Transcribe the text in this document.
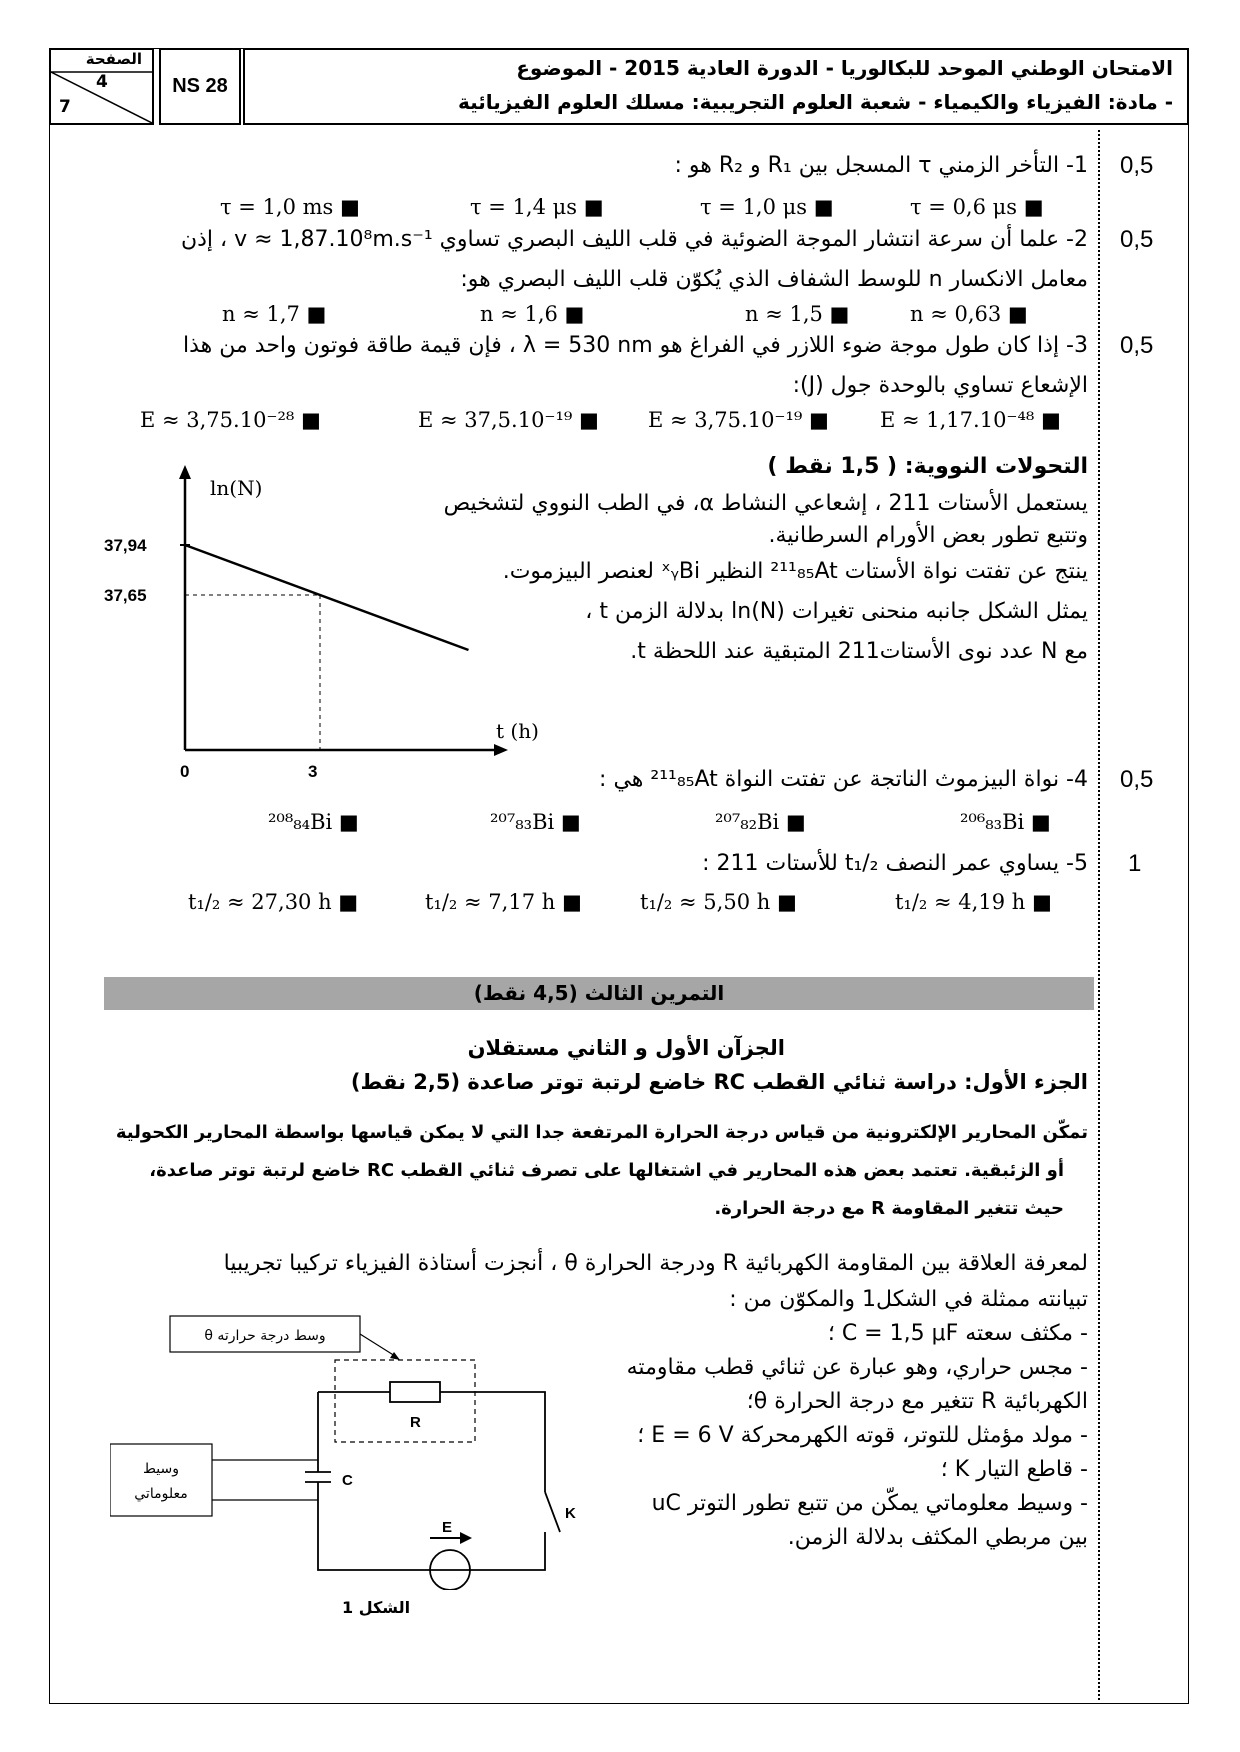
الصفحة
4
7
NS 28
الامتحان الوطني الموحد للبكالوريا - الدورة العادية 2015 - الموضوع
- مادة: الفيزياء والكيمياء - شعبة العلوم التجريبية: مسلك العلوم الفيزيائية
0,5
1- التأخر الزمني τ المسجل بين R₁ و R₂ هو :
τ = 1,0 ms ■	τ = 1,4 μs ■	τ = 1,0 μs ■	τ = 0,6 μs ■
0,5
2- علما أن سرعة انتشار الموجة الضوئية في قلب الليف البصري تساوي v ≈ 1,87.10⁸m.s⁻¹ ، إذن
معامل الانكسار n للوسط الشفاف الذي يُكوّن قلب الليف البصري هو:
n ≈ 1,7 ■	n ≈ 1,6 ■	n ≈ 1,5 ■	n ≈ 0,63 ■
0,5
3- إذا كان طول موجة ضوء اللازر في الفراغ هو λ = 530 nm ، فإن قيمة طاقة فوتون واحد من هذا
الإشعاع تساوي بالوحدة جول (J):
E ≈ 3,75.10⁻²⁸ ■	E ≈ 37,5.10⁻¹⁹ ■ E ≈ 3,75.10⁻¹⁹ ■ E ≈ 1,17.10⁻⁴⁸ ■
التحولات النووية: ( 1,5 نقط )
يستعمل الأستات 211 ، إشعاعي النشاط α، في الطب النووي لتشخيص
وتتبع تطور بعض الأورام السرطانية.
ينتج عن تفتت نواة الأستات ²¹¹₈₅At النظير ˣᵧBi لعنصر البيزموت.
يمثل الشكل جانبه منحنى تغيرات ln(N) بدلالة الزمن t ،
مع N عدد نوى الأستات211 المتبقية عند اللحظة t.
ln(N)
t (h)
37,94
37,65
0	3	0,5
4- نواة البيزموث الناتجة عن تفتت النواة ²¹¹₈₅At هي :
²⁰⁸₈₄Bi ■	²⁰⁷₈₃Bi ■	²⁰⁷₈₂Bi ■	²⁰⁶₈₃Bi ■
1
5- يساوي عمر النصف t₁/₂ للأستات 211 :
t₁/₂ ≈ 27,30 h ■	t₁/₂ ≈ 7,17 h ■	t₁/₂ ≈ 5,50 h ■	t₁/₂ ≈ 4,19 h ■
التمرين الثالث (4,5 نقط)
الجزآن الأول و الثاني مستقلان
الجزء الأول: دراسة ثنائي القطب RC خاضع لرتبة توتر صاعدة (2,5 نقط)
تمكّن المحارير الإلكترونية من قياس درجة الحرارة المرتفعة جدا التي لا يمكن قياسها بواسطة المحارير الكحولية
أو الزئبقية. تعتمد بعض هذه المحارير في اشتغالها على تصرف ثنائي القطب RC خاضع لرتبة توتر صاعدة،
حيث تتغير المقاومة R مع درجة الحرارة.
لمعرفة العلاقة بين المقاومة الكهربائية R ودرجة الحرارة θ ، أنجزت أستاذة الفيزياء تركيبا تجريبيا
تبيانته ممثلة في الشكل1 والمكوّن من :
- مكثف سعته C = 1,5 μF ؛
- مجس حراري، وهو عبارة عن ثنائي قطب مقاومته
الكهربائية R تتغير مع درجة الحرارة θ؛
- مولد مؤمثل للتوتر، قوته الكهرمحركة E = 6 V ؛
- قاطع التيار K ؛
- وسيط معلوماتي يمكّن من تتبع تطور التوتر uC
بين مربطي المكثف بدلالة الزمن.
وسط درجة حرارته θ
وسيط
معلوماتي
R
C
K
E
الشكل 1
